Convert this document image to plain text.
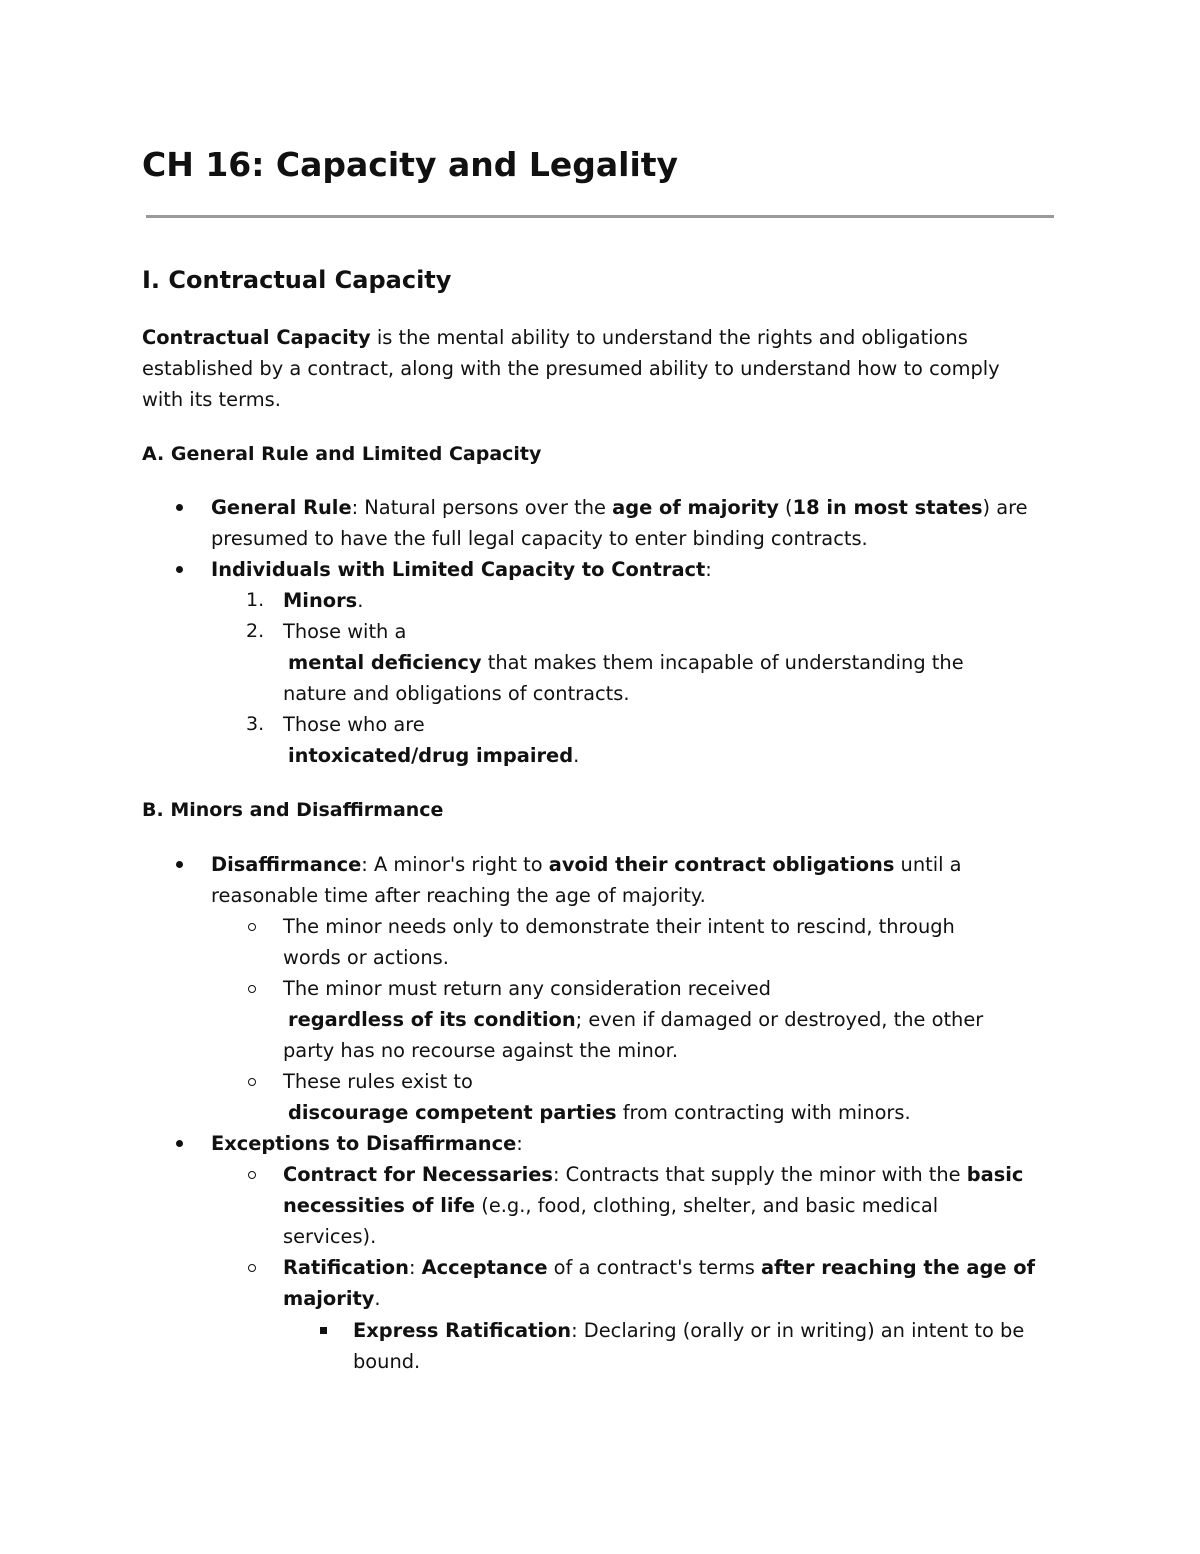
CH 16: Capacity and Legality
I. Contractual Capacity
Contractual Capacity is the mental ability to understand the rights and obligations
established by a contract, along with the presumed ability to understand how to comply
with its terms.
A. General Rule and Limited Capacity
General Rule: Natural persons over the age of majority (18 in most states) are
presumed to have the full legal capacity to enter binding contracts.
Individuals with Limited Capacity to Contract:
1. Minors.
2. Those with a
mental deficiency that makes them incapable of understanding the
nature and obligations of contracts.
3. Those who are
intoxicated/drug impaired.
B. Minors and Disaffirmance
Disaffirmance: A minor's right to avoid their contract obligations until a
reasonable time after reaching the age of majority.
The minor needs only to demonstrate their intent to rescind, through
words or actions.
The minor must return any consideration received
regardless of its condition; even if damaged or destroyed, the other
party has no recourse against the minor.
These rules exist to
discourage competent parties from contracting with minors.
Exceptions to Disaffirmance:
Contract for Necessaries: Contracts that supply the minor with the basic
necessities of life (e.g., food, clothing, shelter, and basic medical
services).
Ratification: Acceptance of a contract's terms after reaching the age of
majority.
Express Ratification: Declaring (orally or in writing) an intent to be
bound.
